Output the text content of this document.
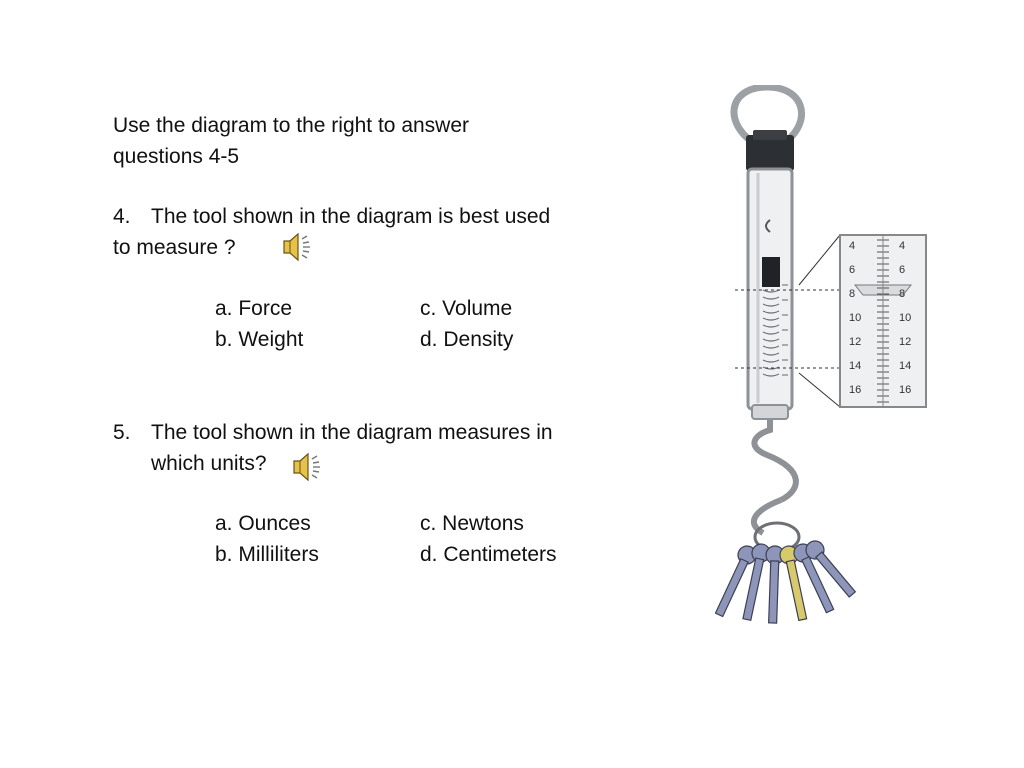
Use the diagram to the right to answer
questions 4-5
4. The tool shown in the diagram is best used
to measure ?
a. Force
b. Weight
c. Volume
d. Density
5. The tool shown in the diagram measures in
which units?
a. Ounces
b. Milliliters
c. Newtons
d. Centimeters
4	4
6	6
8	8
10	10
12	12
14	14
16	16
